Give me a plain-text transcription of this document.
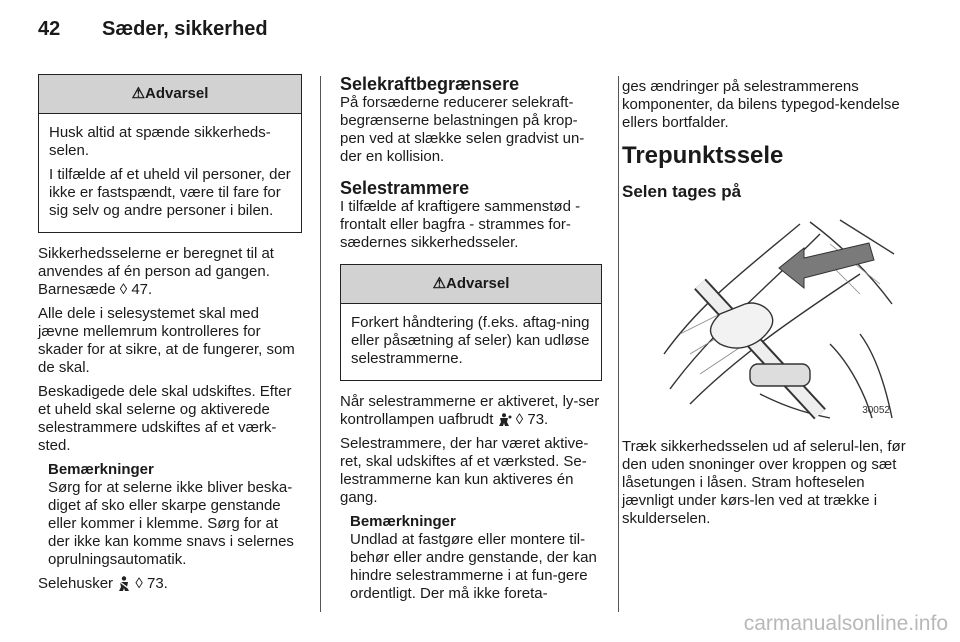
42	Sæder, sikkerhed
⚠Advarsel

Husk altid at spænde sikkerheds-selen.

I tilfælde af et uheld vil personer, der ikke er fastspændt, være til fare for sig selv og andre personer i bilen.

Sikkerhedsselerne er beregnet til at anvendes af én person ad gangen. Barnesæde ◊ 47.

Alle dele i selesystemet skal med jævne mellemrum kontrolleres for skader for at sikre, at de fungerer, som de skal.

Beskadigede dele skal udskiftes. Efter et uheld skal selerne og aktiverede selestrammere udskiftes af et værk-sted.

Bemærkninger

Sørg for at selerne ikke bliver beska-diget af sko eller skarpe genstande eller kommer i klemme. Sørg for at der ikke kan komme snavs i selernes oprulningsautomatik.

Selehusker ◊ 73.

Selekraftbegrænsere

På forsæderne reducerer selekraft-begrænserne belastningen på krop-pen ved at slække selen gradvist un-der en kollision.

Selestrammere

I tilfælde af kraftigere sammenstød - frontalt eller bagfra - strammes for-sædernes sikkerhedsseler.

⚠Advarsel

Forkert håndtering (f.eks. aftag-ning eller påsætning af seler) kan udløse selestrammerne.

Når selestrammerne er aktiveret, ly-ser kontrollampen uafbrudt ◊ 73.

Selestrammere, der har været aktive-ret, skal udskiftes af et værksted. Se-lestrammerne kan kun aktiveres én gang.

Bemærkninger

Undlad at fastgøre eller montere til-behør eller andre genstande, der kan hindre selestrammerne i at fun-gere ordentligt. Der må ikke foreta-

ges ændringer på selestrammerens komponenter, da bilens typegod-kendelse ellers bortfalder.

Trepunktssele
Selen tages på
30052

Træk sikkerhedsselen ud af selerul-len, før den uden snoninger over kroppen og sæt låsetungen i låsen. Stram hofteselen jævnligt under kørs-len ved at trække i skulderselen.

carmanualsonline.info
